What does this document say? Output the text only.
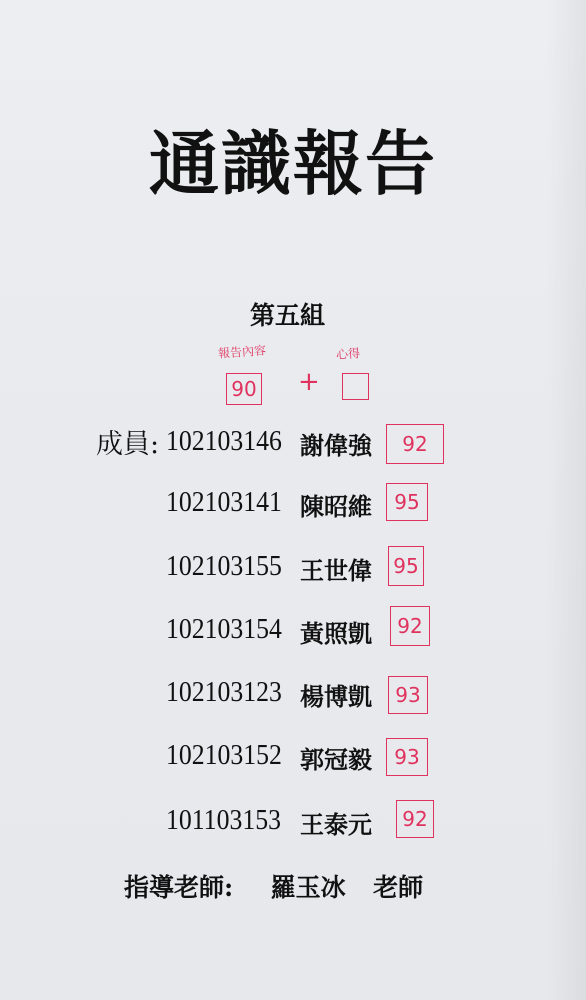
通識報告
第五組
報告內容	心得
90 +
成員: 102103146 謝偉強	92
102103141 陳昭維	95
102103155 王世偉 95
102103154 黃照凱	92
102103123 楊博凱	93
102103152 郭冠毅	93
101103153 王泰元	92
指導老師: 羅玉冰 老師
